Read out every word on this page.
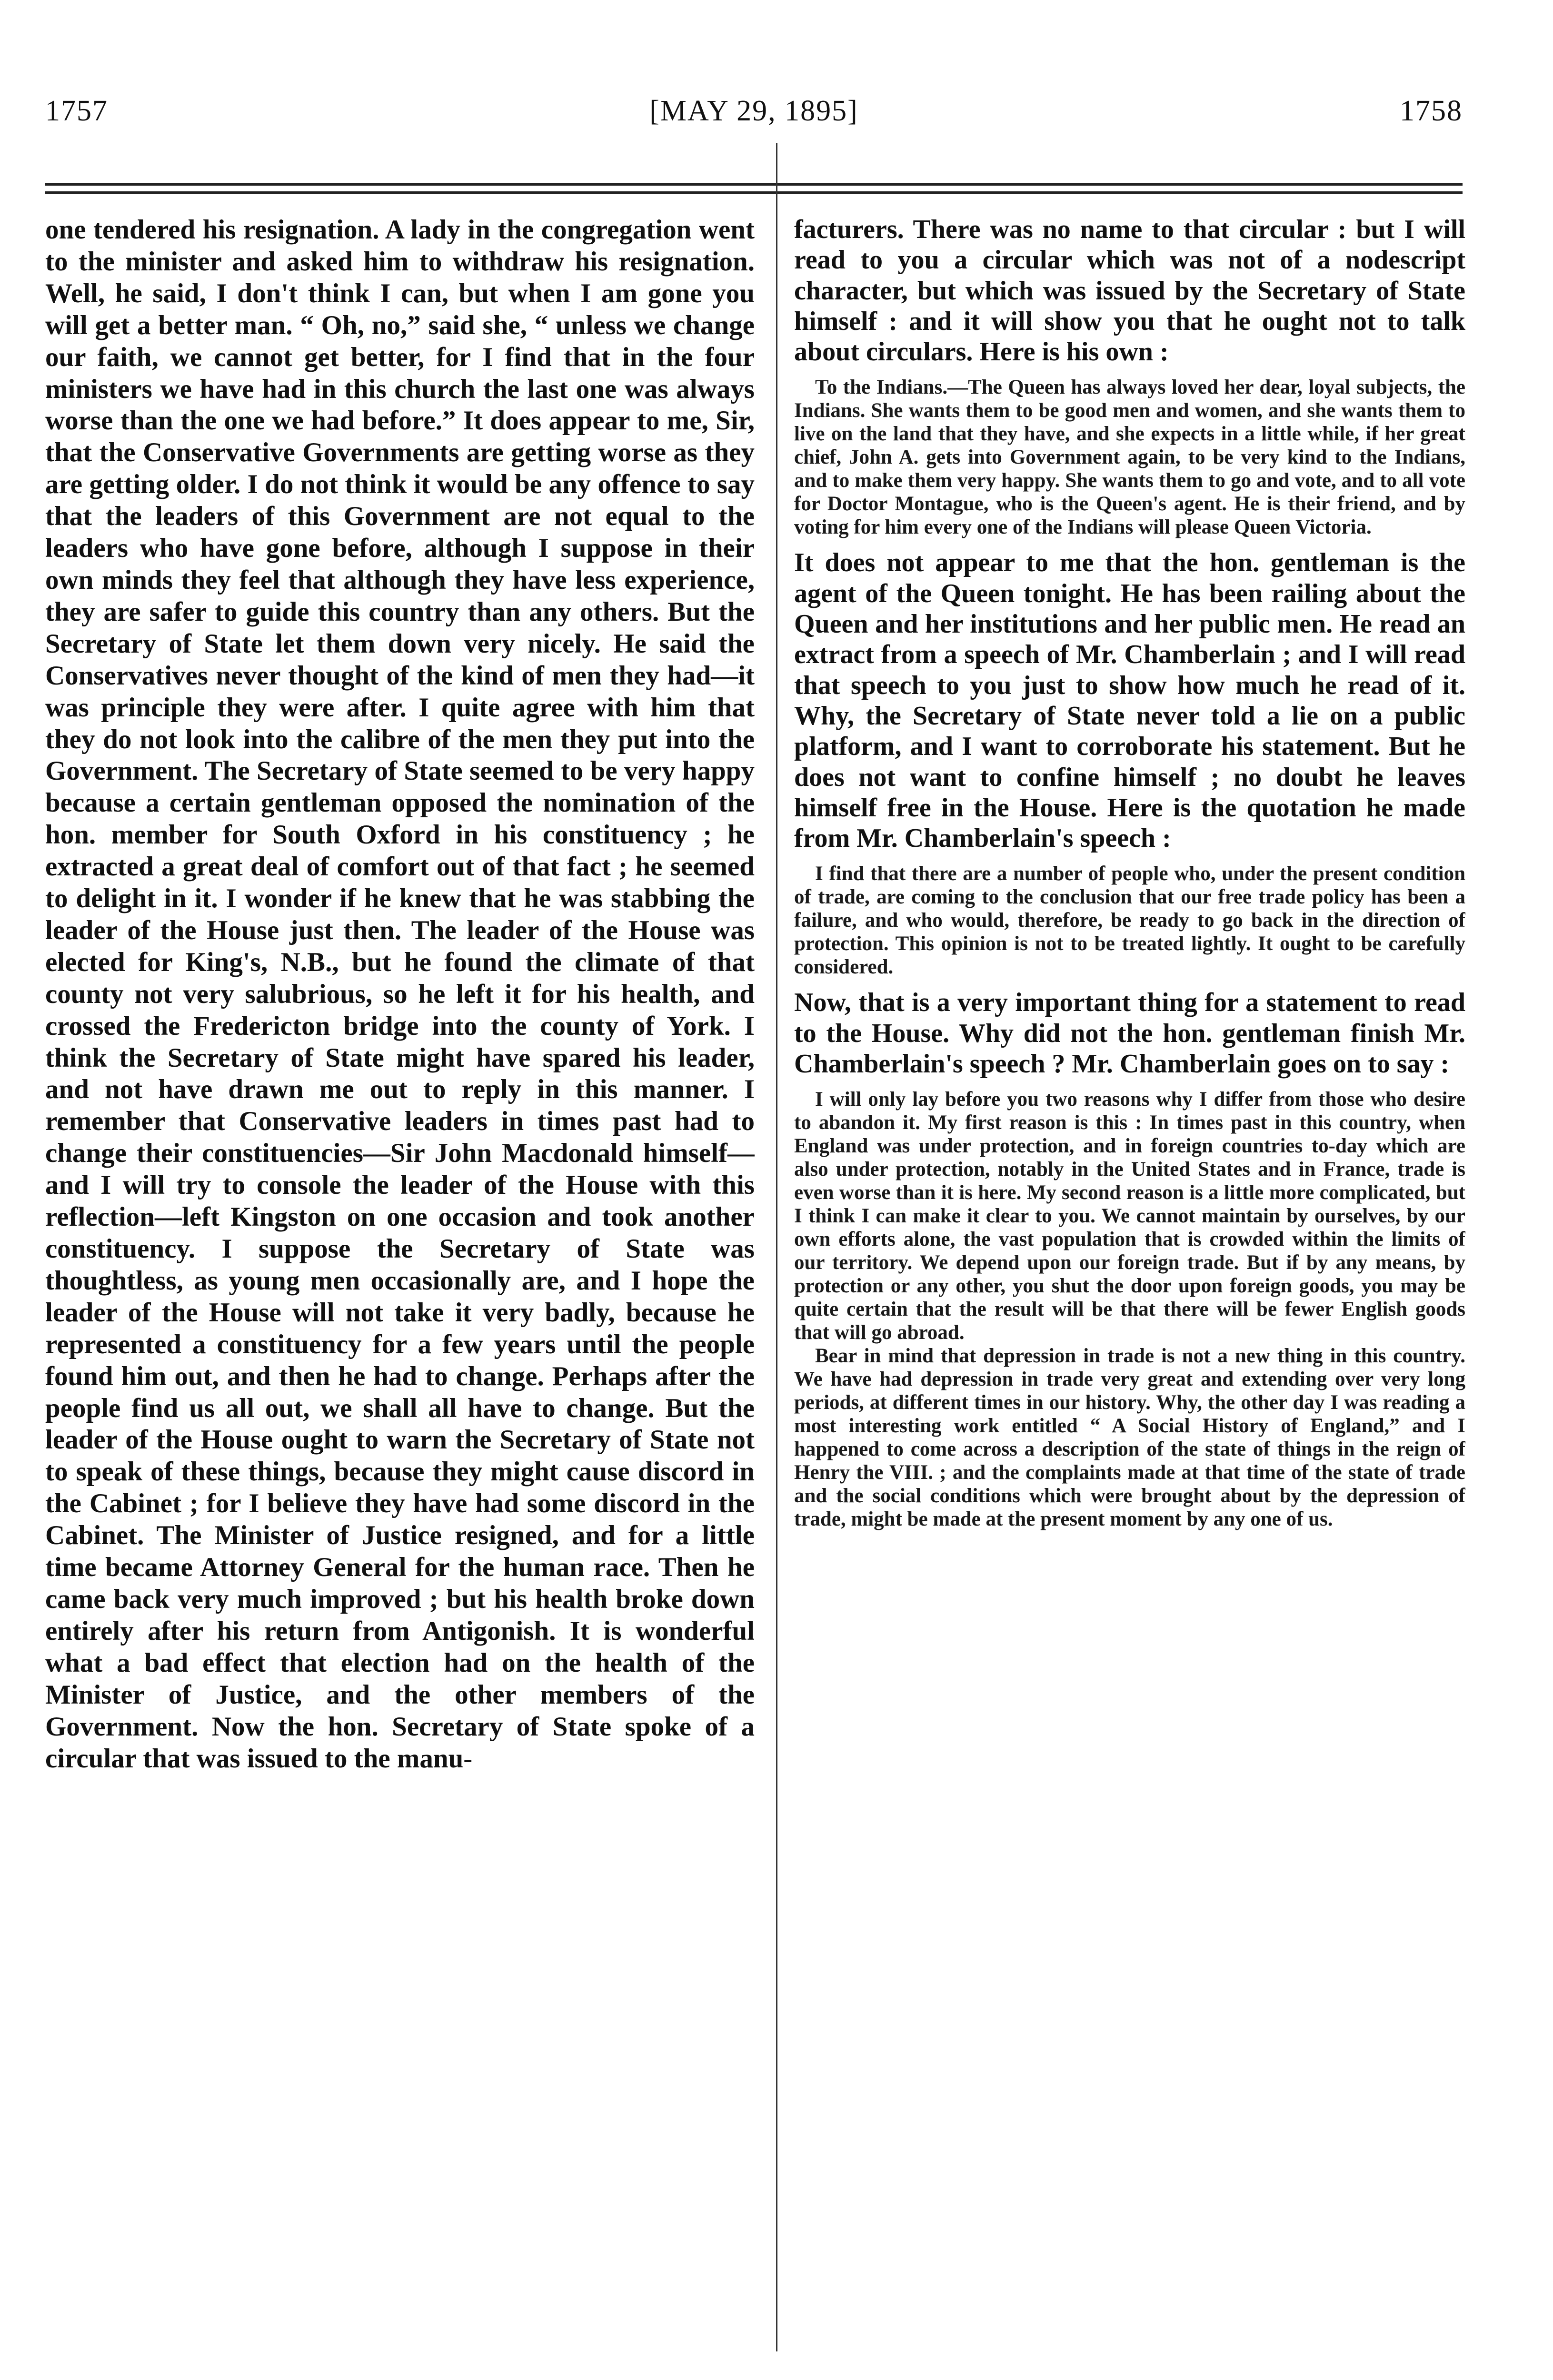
1757	[MAY 29, 1895]	1758

one tendered his resignation. A lady in the congregation went to the minister and asked him to withdraw his resignation. Well, he said, I don't think I can, but when I am gone you will get a better man. “ Oh, no,” said she, “ unless we change our faith, we cannot get better, for I find that in the four ministers we have had in this church the last one was always worse than the one we had before.” It does appear to me, Sir, that the Conservative Governments are getting worse as they are getting older. I do not think it would be any offence to say that the leaders of this Government are not equal to the leaders who have gone before, although I suppose in their own minds they feel that although they have less experience, they are safer to guide this country than any others. But the Secretary of State let them down very nicely. He said the Conservatives never thought of the kind of men they had—it was principle they were after. I quite agree with him that they do not look into the calibre of the men they put into the Government. The Secretary of State seemed to be very happy because a certain gentleman opposed the nomination of the hon. member for South Oxford in his constituency ; he extracted a great deal of comfort out of that fact ; he seemed to delight in it. I wonder if he knew that he was stabbing the leader of the House just then. The leader of the House was elected for King's, N.B., but he found the climate of that county not very salubrious, so he left it for his health, and crossed the Fredericton bridge into the county of York. I think the Secretary of State might have spared his leader, and not have drawn me out to reply in this manner. I remember that Conservative leaders in times past had to change their constituencies—Sir John Macdonald himself—and I will try to console the leader of the House with this reflection—left Kingston on one occasion and took another constituency. I suppose the Secretary of State was thoughtless, as young men occasionally are, and I hope the leader of the House will not take it very badly, because he represented a constituency for a few years until the people found him out, and then he had to change. Perhaps after the people find us all out, we shall all have to change. But the leader of the House ought to warn the Secretary of State not to speak of these things, because they might cause discord in the Cabinet ; for I believe they have had some discord in the Cabinet. The Minister of Justice resigned, and for a little time became Attorney General for the human race. Then he came back very much improved ; but his health broke down entirely after his return from Antigonish. It is wonderful what a bad effect that election had on the health of the Minister of Justice, and the other members of the Government. Now the hon. Secretary of State spoke of a circular that was issued to the manu-

facturers. There was no name to that circular : but I will read to you a circular which was not of a nodescript character, but which was issued by the Secretary of State himself : and it will show you that he ought not to talk about circulars. Here is his own :

To the Indians.—The Queen has always loved her dear, loyal subjects, the Indians. She wants them to be good men and women, and she wants them to live on the land that they have, and she expects in a little while, if her great chief, John A. gets into Government again, to be very kind to the Indians, and to make them very happy. She wants them to go and vote, and to all vote for Doctor Montague, who is the Queen's agent. He is their friend, and by voting for him every one of the Indians will please Queen Victoria.

It does not appear to me that the hon. gentleman is the agent of the Queen tonight. He has been railing about the Queen and her institutions and her public men. He read an extract from a speech of Mr. Chamberlain ; and I will read that speech to you just to show how much he read of it. Why, the Secretary of State never told a lie on a public platform, and I want to corroborate his statement. But he does not want to confine himself ; no doubt he leaves himself free in the House. Here is the quotation he made from Mr. Chamberlain's speech :

I find that there are a number of people who, under the present condition of trade, are coming to the conclusion that our free trade policy has been a failure, and who would, therefore, be ready to go back in the direction of protection. This opinion is not to be treated lightly. It ought to be carefully considered.

Now, that is a very important thing for a statement to read to the House. Why did not the hon. gentleman finish Mr. Chamberlain's speech ? Mr. Chamberlain goes on to say :

I will only lay before you two reasons why I differ from those who desire to abandon it. My first reason is this : In times past in this country, when England was under protection, and in foreign countries to-day which are also under protection, notably in the United States and in France, trade is even worse than it is here. My second reason is a little more complicated, but I think I can make it clear to you. We cannot maintain by ourselves, by our own efforts alone, the vast population that is crowded within the limits of our territory. We depend upon our foreign trade. But if by any means, by protection or any other, you shut the door upon foreign goods, you may be quite certain that the result will be that there will be fewer English goods that will go abroad.

Bear in mind that depression in trade is not a new thing in this country. We have had depression in trade very great and extending over very long periods, at different times in our history. Why, the other day I was reading a most interesting work entitled “ A Social History of England,” and I happened to come across a description of the state of things in the reign of Henry the VIII. ; and the complaints made at that time of the state of trade and the social conditions which were brought about by the depression of trade, might be made at the present moment by any one of us.
